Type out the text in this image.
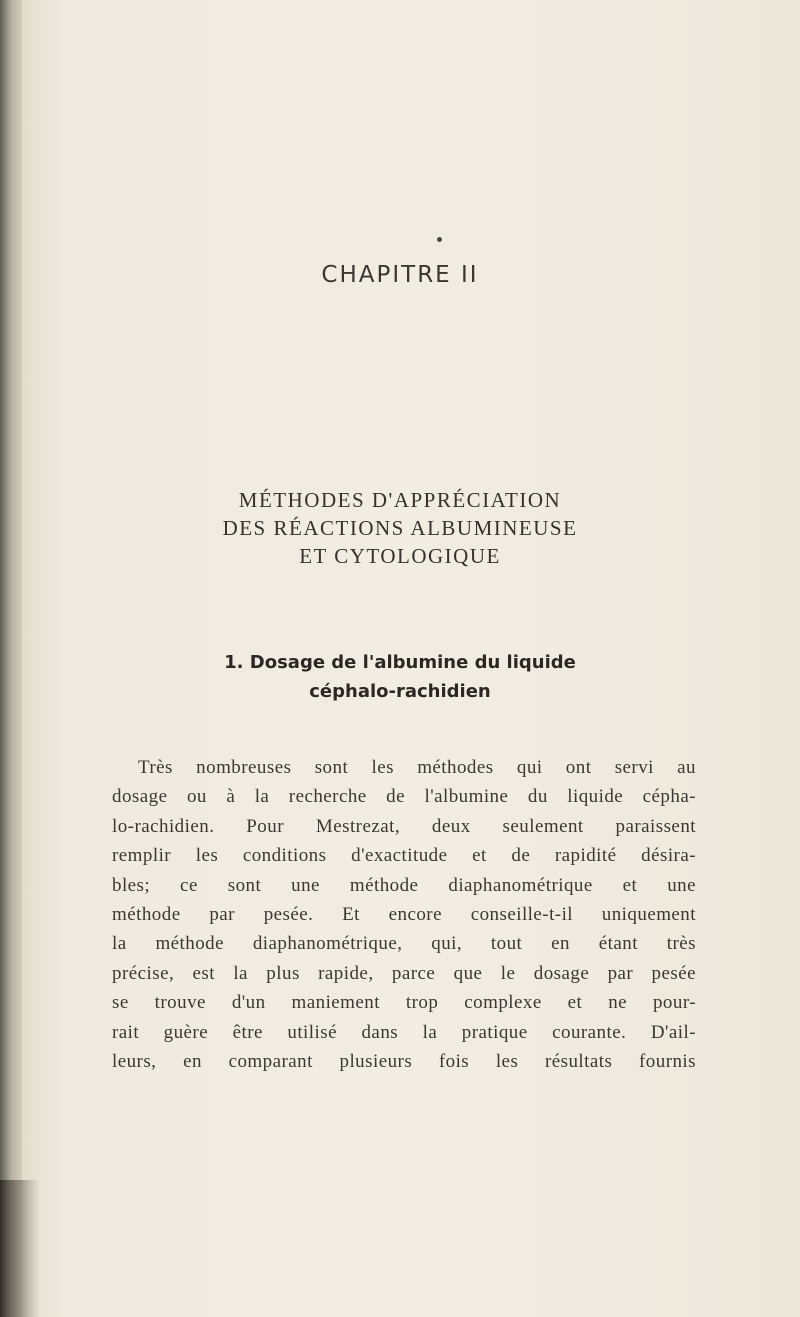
CHAPITRE II
MÉTHODES D'APPRÉCIATION
DES RÉACTIONS ALBUMINEUSE
ET CYTOLOGIQUE
1. Dosage de l'albumine du liquide
céphalo-rachidien
Très nombreuses sont les méthodes qui ont servi au
dosage ou à la recherche de l'albumine du liquide cépha-
lo-rachidien. Pour Mestrezat, deux seulement paraissent
remplir les conditions d'exactitude et de rapidité désira-
bles; ce sont une méthode diaphanométrique et une
méthode par pesée. Et encore conseille-t-il uniquement
la méthode diaphanométrique, qui, tout en étant très
précise, est la plus rapide, parce que le dosage par pesée
se trouve d'un maniement trop complexe et ne pour-
rait guère être utilisé dans la pratique courante. D'ail-
leurs, en comparant plusieurs fois les résultats fournis
